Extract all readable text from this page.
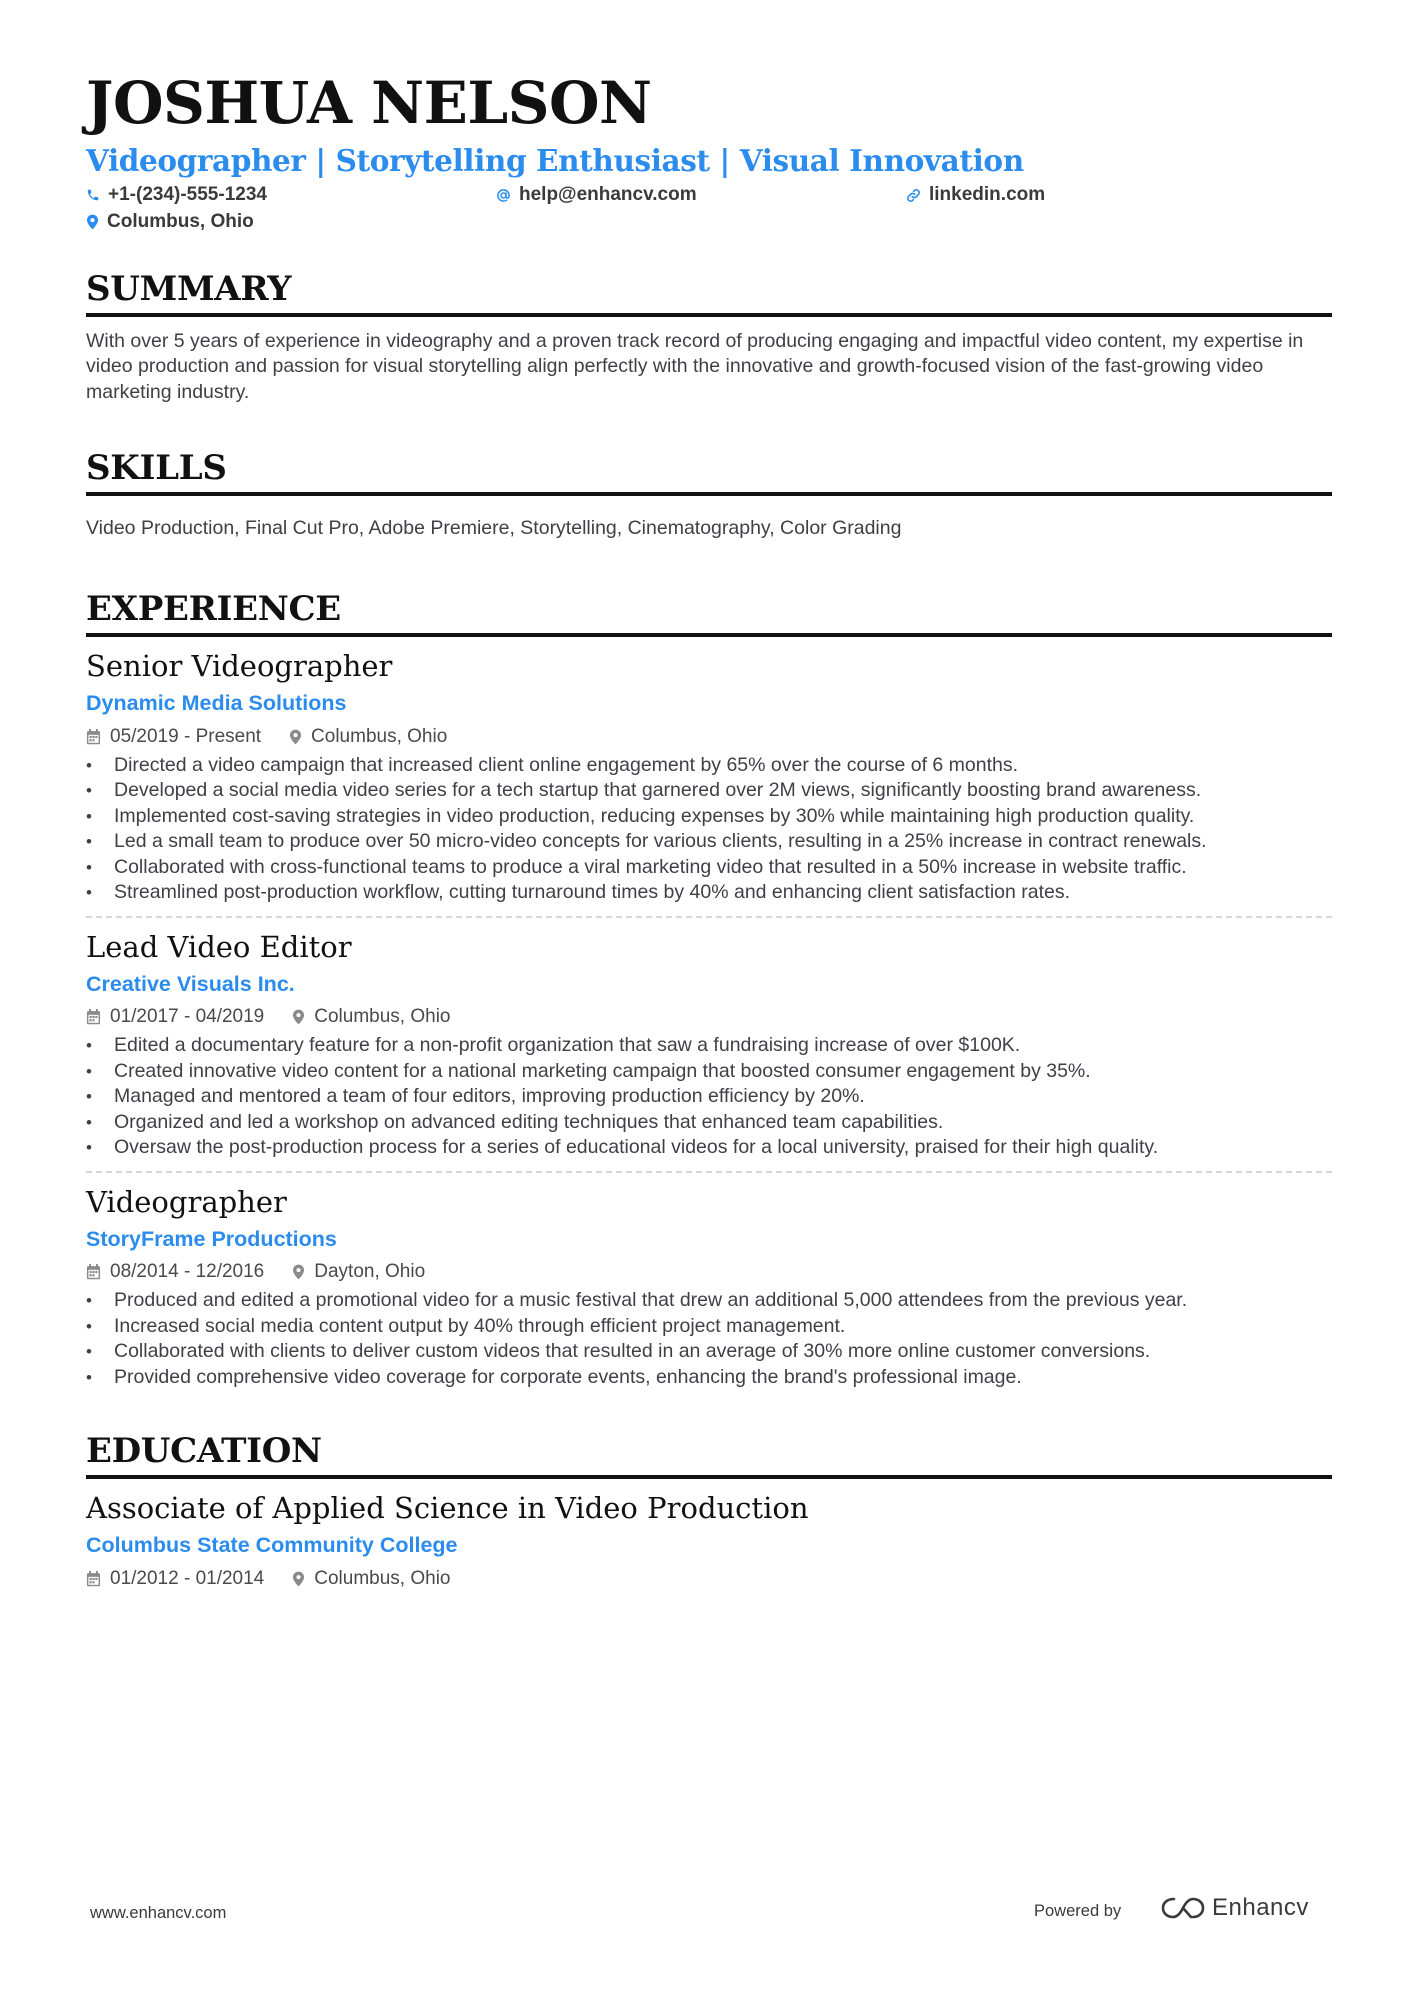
JOSHUA NELSON
Videographer | Storytelling Enthusiast | Visual Innovation
+1-(234)-555-1234	help@enhancv.com	linkedin.com
Columbus, Ohio
SUMMARY
With over 5 years of experience in videography and a proven track record of producing engaging and impactful video content, my expertise in video production and passion for visual storytelling align perfectly with the innovative and growth-focused vision of the fast-growing video marketing industry.
SKILLS
Video Production, Final Cut Pro, Adobe Premiere, Storytelling, Cinematography, Color Grading
EXPERIENCE
Senior Videographer
Dynamic Media Solutions
05/2019 - Present	Columbus, Ohio
• Directed a video campaign that increased client online engagement by 65% over the course of 6 months.
• Developed a social media video series for a tech startup that garnered over 2M views, significantly boosting brand awareness.
• Implemented cost-saving strategies in video production, reducing expenses by 30% while maintaining high production quality.
• Led a small team to produce over 50 micro-video concepts for various clients, resulting in a 25% increase in contract renewals.
• Collaborated with cross-functional teams to produce a viral marketing video that resulted in a 50% increase in website traffic.
• Streamlined post-production workflow, cutting turnaround times by 40% and enhancing client satisfaction rates.
Lead Video Editor
Creative Visuals Inc.
01/2017 - 04/2019	Columbus, Ohio
• Edited a documentary feature for a non-profit organization that saw a fundraising increase of over $100K.
• Created innovative video content for a national marketing campaign that boosted consumer engagement by 35%.
• Managed and mentored a team of four editors, improving production efficiency by 20%.
• Organized and led a workshop on advanced editing techniques that enhanced team capabilities.
• Oversaw the post-production process for a series of educational videos for a local university, praised for their high quality.
Videographer
StoryFrame Productions
08/2014 - 12/2016	Dayton, Ohio
• Produced and edited a promotional video for a music festival that drew an additional 5,000 attendees from the previous year.
• Increased social media content output by 40% through efficient project management.
• Collaborated with clients to deliver custom videos that resulted in an average of 30% more online customer conversions.
• Provided comprehensive video coverage for corporate events, enhancing the brand's professional image.
EDUCATION
Associate of Applied Science in Video Production
Columbus State Community College
01/2012 - 01/2014	Columbus, Ohio
www.enhancv.com	Powered by	Enhancv
